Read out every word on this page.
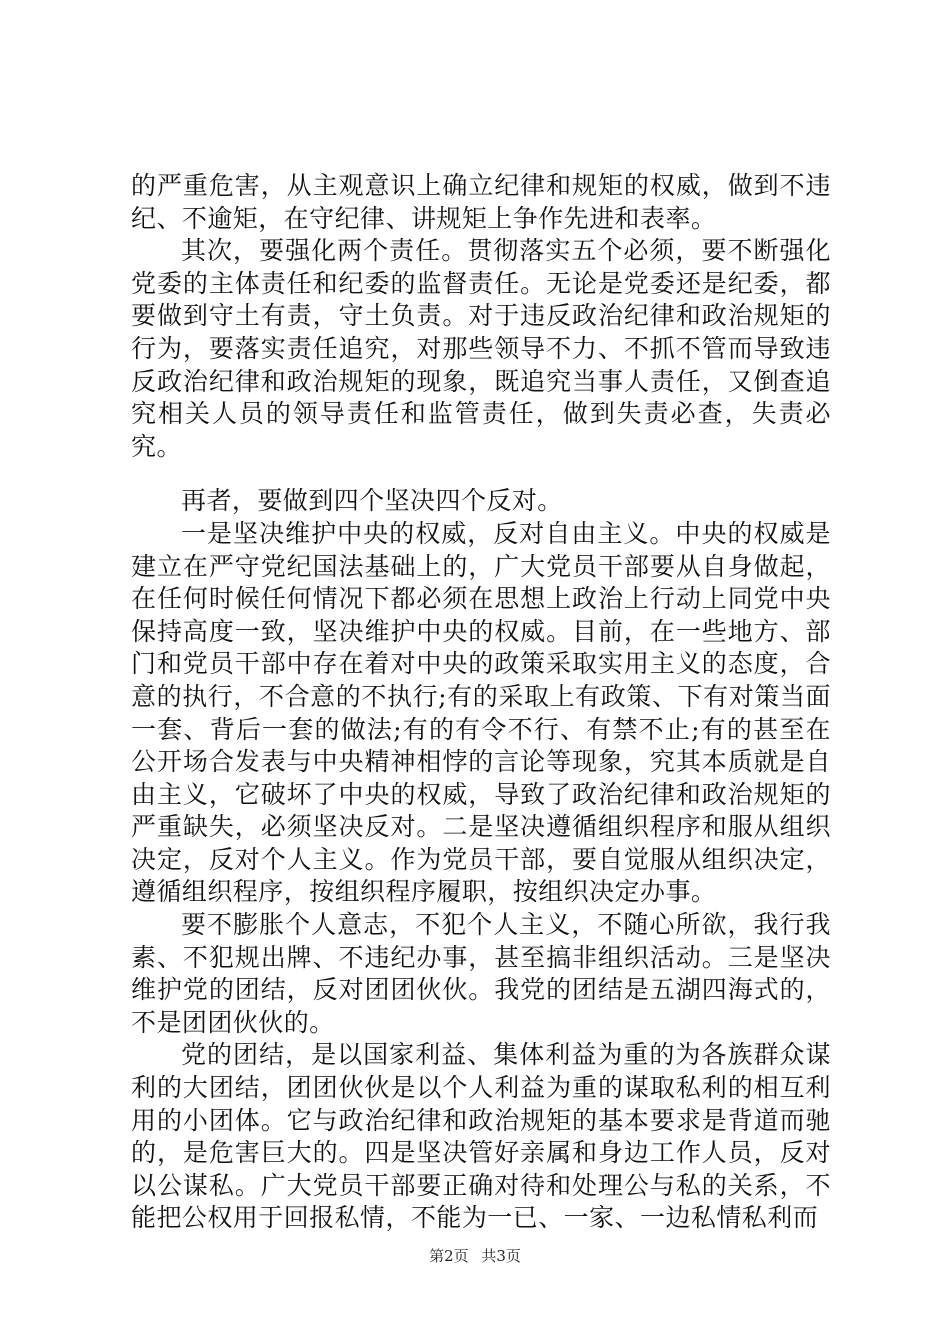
的严重危害，从主观意识上确立纪律和规矩的权威，做到不违纪、不逾矩，在守纪律、讲规矩上争作先进和表率。

其次，要强化两个责任。贯彻落实五个必须，要不断强化党委的主体责任和纪委的监督责任。无论是党委还是纪委，都要做到守土有责，守土负责。对于违反政治纪律和政治规矩的行为，要落实责任追究，对那些领导不力、不抓不管而导致违反政治纪律和政治规矩的现象，既追究当事人责任，又倒查追究相关人员的领导责任和监管责任，做到失责必查，失责必究。

再者，要做到四个坚决四个反对。

一是坚决维护中央的权威，反对自由主义。中央的权威是建立在严守党纪国法基础上的，广大党员干部要从自身做起，在任何时候任何情况下都必须在思想上政治上行动上同党中央保持高度一致，坚决维护中央的权威。目前，在一些地方、部门和党员干部中存在着对中央的政策采取实用主义的态度，合意的执行，不合意的不执行;有的采取上有政策、下有对策当面一套、背后一套的做法;有的有令不行、有禁不止;有的甚至在公开场合发表与中央精神相悖的言论等现象，究其本质就是自由主义，它破坏了中央的权威，导致了政治纪律和政治规矩的严重缺失，必须坚决反对。二是坚决遵循组织程序和服从组织决定，反对个人主义。作为党员干部，要自觉服从组织决定，遵循组织程序，按组织程序履职，按组织决定办事。

要不膨胀个人意志，不犯个人主义，不随心所欲，我行我素、不犯规出牌、不违纪办事，甚至搞非组织活动。三是坚决维护党的团结，反对团团伙伙。我党的团结是五湖四海式的，不是团团伙伙的。

党的团结，是以国家利益、集体利益为重的为各族群众谋利的大团结，团团伙伙是以个人利益为重的谋取私利的相互利用的小团体。它与政治纪律和政治规矩的基本要求是背道而驰的，是危害巨大的。四是坚决管好亲属和身边工作人员，反对以公谋私。广大党员干部要正确对待和处理公与私的关系，不能把公权用于回报私情，不能为一已、一家、一边私情私利而

第2页 共3页
